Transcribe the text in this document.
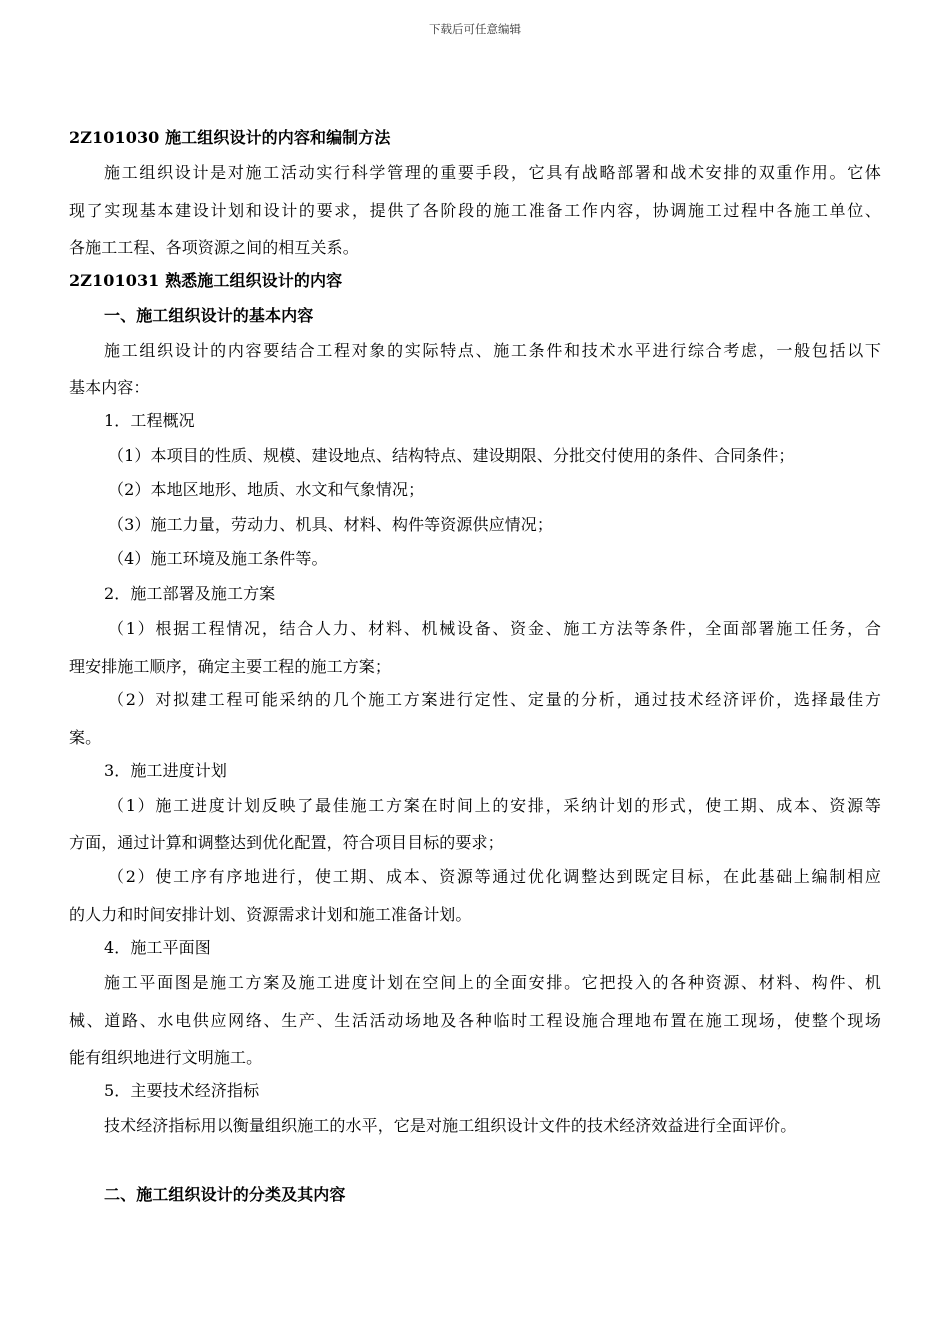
下载后可任意编辑
2Z101030 施工组织设计的内容和编制方法
施工组织设计是对施工活动实行科学管理的重要手段，它具有战略部署和战术安排的双重作用。它体
现了实现基本建设计划和设计的要求，提供了各阶段的施工准备工作内容，协调施工过程中各施工单位、
各施工工程、各项资源之间的相互关系。
2Z101031 熟悉施工组织设计的内容
一、施工组织设计的基本内容
施工组织设计的内容要结合工程对象的实际特点、施工条件和技术水平进行综合考虑，一般包括以下
基本内容：
1．工程概况
（1）本项目的性质、规模、建设地点、结构特点、建设期限、分批交付使用的条件、合同条件；
（2）本地区地形、地质、水文和气象情况；
（3）施工力量，劳动力、机具、材料、构件等资源供应情况；
（4）施工环境及施工条件等。
2．施工部署及施工方案
（1）根据工程情况，结合人力、材料、机械设备、资金、施工方法等条件，全面部署施工任务，合
理安排施工顺序，确定主要工程的施工方案；
（2）对拟建工程可能采纳的几个施工方案进行定性、定量的分析，通过技术经济评价，选择最佳方
案。
3．施工进度计划
（1）施工进度计划反映了最佳施工方案在时间上的安排，采纳计划的形式，使工期、成本、资源等
方面，通过计算和调整达到优化配置，符合项目目标的要求；
（2）使工序有序地进行，使工期、成本、资源等通过优化调整达到既定目标，在此基础上编制相应
的人力和时间安排计划、资源需求计划和施工准备计划。
4．施工平面图
施工平面图是施工方案及施工进度计划在空间上的全面安排。它把投入的各种资源、材料、构件、机
械、道路、水电供应网络、生产、生活活动场地及各种临时工程设施合理地布置在施工现场，使整个现场
能有组织地进行文明施工。
5．主要技术经济指标
技术经济指标用以衡量组织施工的水平，它是对施工组织设计文件的技术经济效益进行全面评价。
二、施工组织设计的分类及其内容
